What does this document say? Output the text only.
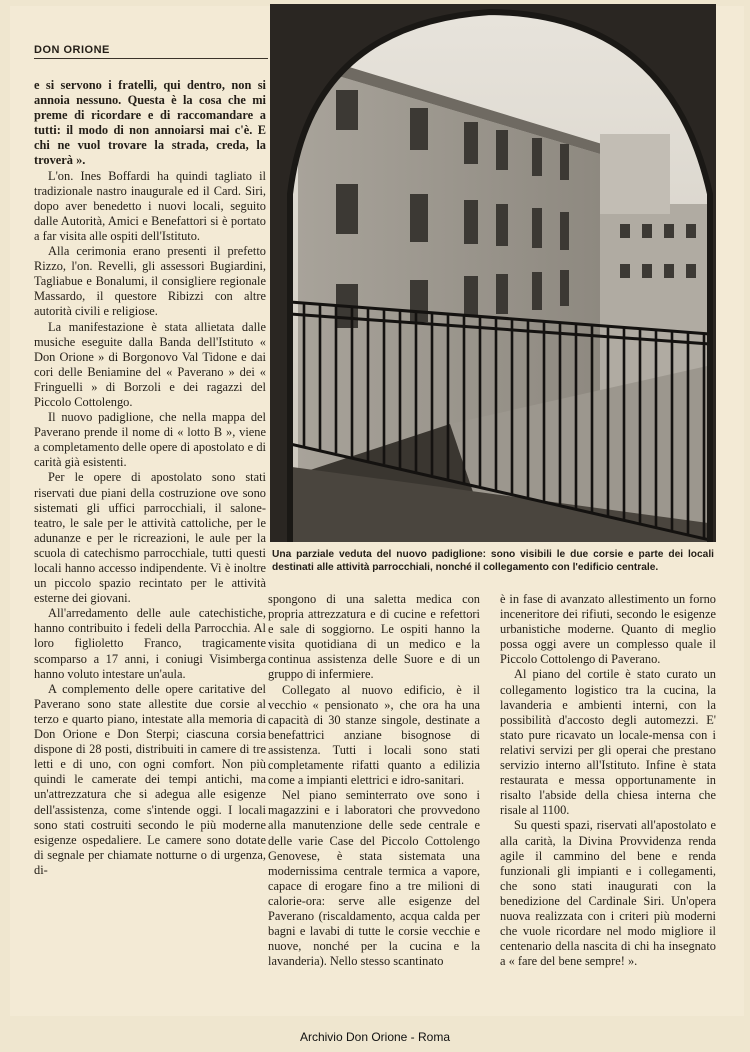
DON ORIONE

e si servono i fratelli, qui dentro, non si annoia nessuno. Questa è la cosa che mi preme di ricordare e di raccomandare a tutti: il modo di non annoiarsi mai c'è. E chi ne vuol trovare la strada, creda, la troverà ».

L'on. Ines Boffardi ha quindi tagliato il tradizionale nastro inaugurale ed il Card. Siri, dopo aver benedetto i nuovi locali, seguito dalle Autorità, Amici e Benefattori si è portato a far visita alle ospiti dell'Istituto.

Alla cerimonia erano presenti il prefetto Rizzo, l'on. Revelli, gli assessori Bugiardini, Tagliabue e Bonalumi, il consigliere regionale Massardo, il questore Ribizzi con altre autorità civili e religiose.

La manifestazione è stata allietata dalle musiche eseguite dalla Banda dell'Istituto « Don Orione » di Borgonovo Val Tidone e dai cori delle Beniamine del « Paverano » dei « Fringuelli » di Borzoli e dei ragazzi del Piccolo Cottolengo.

Il nuovo padiglione, che nella mappa del Paverano prende il nome di « lotto B », viene a completamento delle opere di apostolato e di carità già esistenti.

Per le opere di apostolato sono stati riservati due piani della costruzione ove sono sistemati gli uffici parrocchiali, il salone-teatro, le sale per le attività cattoliche, per le adunanze e per le ricreazioni, le aule per la scuola di catechismo parrocchiale, tutti questi locali hanno accesso indipendente. Vi è inoltre un piccolo spazio recintato per le attività esterne dei giovani.

All'arredamento delle aule catechistiche, hanno contribuito i fedeli della Parrocchia. Al loro figlioletto Franco, tragicamente scomparso a 17 anni, i coniugi Visimberga hanno voluto intestare un'aula.

A complemento delle opere caritative del Paverano sono state allestite due corsie al terzo e quarto piano, intestate alla memoria di Don Orione e Don Sterpi; ciascuna corsia dispone di 28 posti, distribuiti in camere di tre letti e di uno, con ogni comfort. Non più quindi le camerate dei tempi antichi, ma un'attrezzatura che si adegua alle esigenze dell'assistenza, come s'intende oggi. I locali sono stati costruiti secondo le più moderne esigenze ospedaliere. Le camere sono dotate di segnale per chiamate notturne o di urgenza, di-

Una parziale veduta del nuovo padiglione: sono visibili le due corsie e parte dei locali destinati alle attività parrocchiali, nonché il collegamento con l'edificio centrale.

spongono di una saletta medica con propria attrezzatura e di cucine e refettori e sale di soggiorno. Le ospiti hanno la visita quotidiana di un medico e la continua assistenza delle Suore e di un gruppo di infermiere.

Collegato al nuovo edificio, è il vecchio « pensionato », che ora ha una capacità di 30 stanze singole, destinate a benefattrici anziane bisognose di assistenza. Tutti i locali sono stati completamente rifatti quanto a edilizia come a impianti elettrici e idro-sanitari.

Nel piano seminterrato ove sono i magazzini e i laboratori che provvedono alla manutenzione delle sede centrale e delle varie Case del Piccolo Cottolengo Genovese, è stata sistemata una modernissima centrale termica a vapore, capace di erogare fino a tre milioni di calorie-ora: serve alle esigenze del Paverano (riscaldamento, acqua calda per bagni e lavabi di tutte le corsie vecchie e nuove, nonché per la cucina e la lavanderia). Nello stesso scantinato

è in fase di avanzato allestimento un forno inceneritore dei rifiuti, secondo le esigenze urbanistiche moderne. Quanto di meglio possa oggi avere un complesso quale il Piccolo Cottolengo di Paverano.

Al piano del cortile è stato curato un collegamento logistico tra la cucina, la lavanderia e ambienti interni, con la possibilità d'accosto degli automezzi. E' stato pure ricavato un locale-mensa con i relativi servizi per gli operai che prestano servizio interno all'Istituto. Infine è stata restaurata e messa opportunamente in risalto l'abside della chiesa interna che risale al 1100.

Su questi spazi, riservati all'apostolato e alla carità, la Divina Provvidenza renda agile il cammino del bene e renda funzionali gli impianti e i collegamenti, che sono stati inaugurati con la benedizione del Cardinale Siri. Un'opera nuova realizzata con i criteri più moderni che vuole ricordare nel modo migliore il centenario della nascita di chi ha insegnato a « fare del bene sempre! ».

Archivio Don Orione - Roma
